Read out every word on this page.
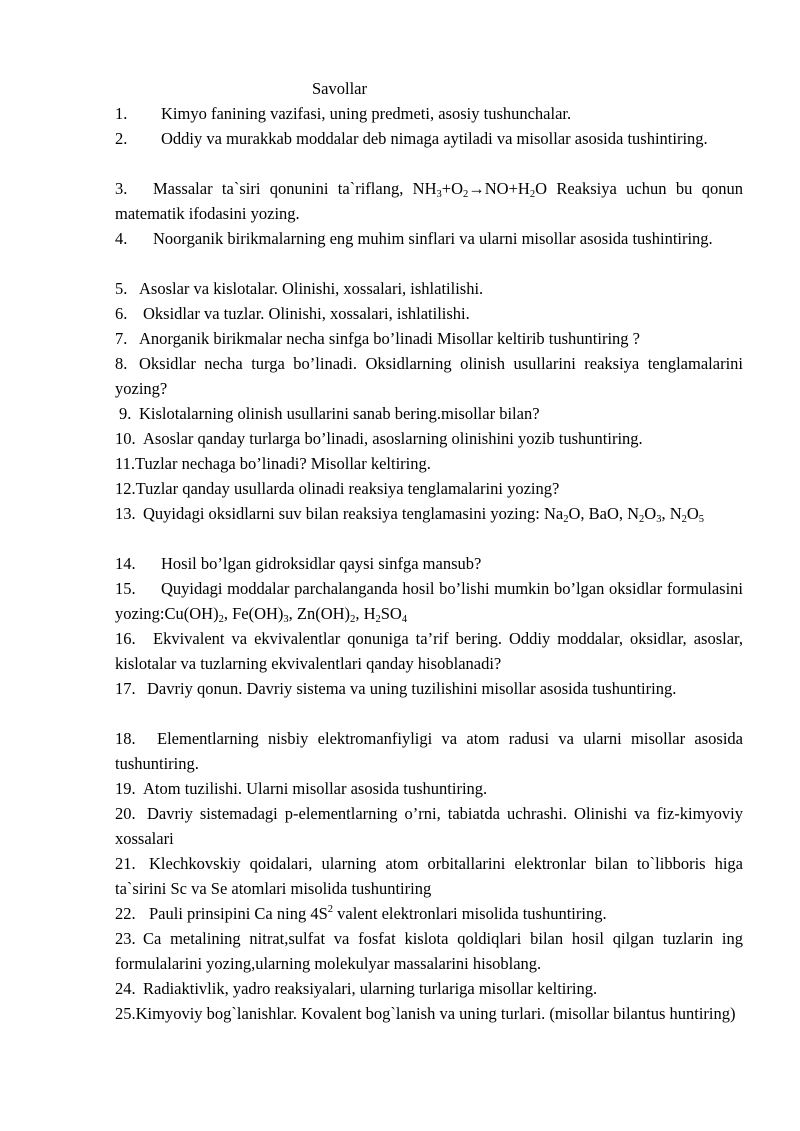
Savollar
1. Kimyo fanining vazifasi, uning predmeti, asosiy tushunchalar.
2. Oddiy va murakkab moddalar deb nimaga aytiladi va misollar asosida tushintiring.
3. Massalar ta`siri qonunini ta`riflang, $NH_3+O_2\to NO+H_2O$ Reaksiya uchun bu qonun matematik ifodasini yozing.
4. Noorganik birikmalarning eng muhim sinflari va ularni misollar asosida tushintiring.
5. Asoslar va kislotalar. Olinishi, xossalari, ishlatilishi.
6. Oksidlar va tuzlar. Olinishi, xossalari, ishlatilishi.
7. Anorganik birikmalar necha sinfga bo’linadi Misollar keltirib tushuntiring ?
8. Oksidlar necha turga bo’linadi. Oksidlarning olinish usullarini reaksiya tenglamalarini yozing?
9. Kislotalarning olinish usullarini sanab bering.misollar bilan?
10. Asoslar qanday turlarga bo’linadi, asoslarning olinishini yozib tushuntiring.
11.Tuzlar nechaga bo’linadi? Misollar keltiring.
12.Tuzlar qanday usullarda olinadi reaksiya tenglamalarini yozing?
13. Quyidagi oksidlarni suv bilan reaksiya tenglamasini yozing: $Na_2O$, BaO, $N_2O_3$, $N_2O_5$
14. Hosil bo’lgan gidroksidlar qaysi sinfga mansub?
15. Quyidagi moddalar parchalanganda hosil bo’lishi mumkin bo’lgan oksidlar formulasini $yozing:Cu(OH)_2$, $Fe(OH)_3$, $Zn(OH)_2$, $H_2SO_4$
16. Ekvivalent va ekvivalentlar qonuniga ta’rif bering. Oddiy moddalar, oksidlar, asoslar, kislotalar va tuzlarning ekvivalentlari qanday hisoblanadi?
17. Davriy qonun. Davriy sistema va uning tuzilishini misollar asosida tushuntiring.
18. Elementlarning nisbiy elektromanfiyligi va atom radusi va ularni misollar asosida tushuntiring.
19. Atom tuzilishi. Ularni misollar asosida tushuntiring.
20. Davriy sistemadagi p-elementlarning o’rni, tabiatda uchrashi. Olinishi va fiz-kimyoviy xossalari
21. Klechkovskiy qoidalari, ularning atom orbitallarini elektronlar bilan to`libboris higa ta`sirini Sc va Se atomlari misolida tushuntiring
22. Pauli prinsipini Ca ning $4S^2$ valent elektronlari misolida tushuntiring.
23. Ca metalining nitrat,sulfat va fosfat kislota qoldiqlari bilan hosil qilgan tuzlarin ing formulalarini yozing,ularning molekulyar massalarini hisoblang.
24. Radiaktivlik, yadro reaksiyalari, ularning turlariga misollar keltiring.
25.Kimyoviy bog`lanishlar. Kovalent bog`lanish va uning turlari. (misollar bilantus huntiring)
